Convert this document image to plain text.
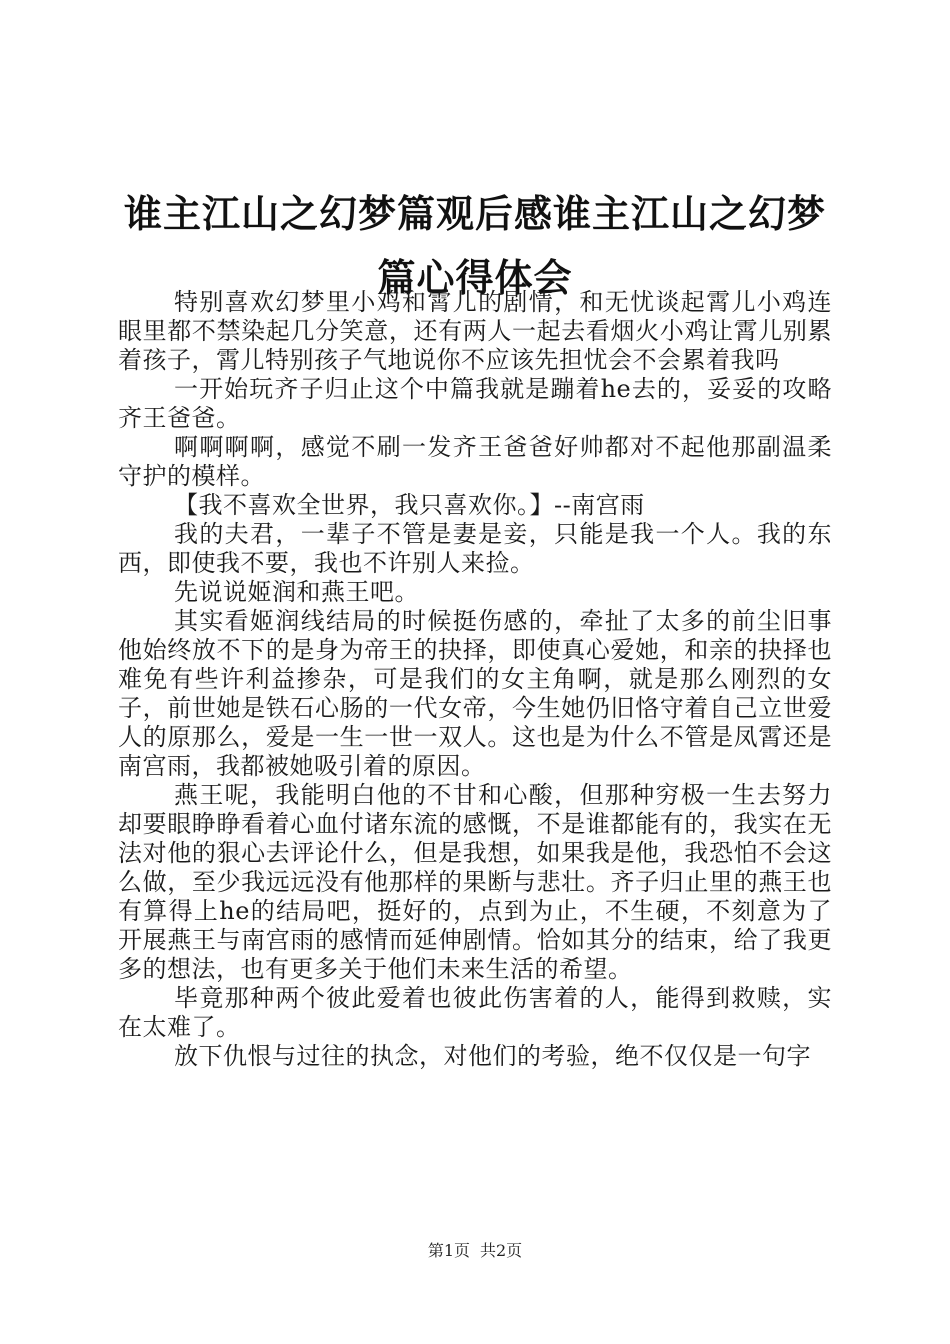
谁主江山之幻梦篇观后感谁主江山之幻梦篇心得体会

特别喜欢幻梦里小鸡和霄儿的剧情，和无忧谈起霄儿小鸡连眼里都不禁染起几分笑意，还有两人一起去看烟火小鸡让霄儿别累着孩子，霄儿特别孩子气地说你不应该先担忧会不会累着我吗

一开始玩齐子归止这个中篇我就是蹦着he去的，妥妥的攻略齐王爸爸。

啊啊啊啊，感觉不刷一发齐王爸爸好帅都对不起他那副温柔守护的模样。

【我不喜欢全世界，我只喜欢你。】--南宫雨

我的夫君，一辈子不管是妻是妾，只能是我一个人。我的东西，即使我不要，我也不许别人来捡。

先说说姬润和燕王吧。

其实看姬润线结局的时候挺伤感的，牵扯了太多的前尘旧事他始终放不下的是身为帝王的抉择，即使真心爱她，和亲的抉择也难免有些许利益掺杂，可是我们的女主角啊，就是那么刚烈的女子，前世她是铁石心肠的一代女帝，今生她仍旧恪守着自己立世爱人的原那么，爱是一生一世一双人。这也是为什么不管是凤霄还是南宫雨，我都被她吸引着的原因。

燕王呢，我能明白他的不甘和心酸，但那种穷极一生去努力却要眼睁睁看着心血付诸东流的感慨，不是谁都能有的，我实在无法对他的狠心去评论什么，但是我想，如果我是他，我恐怕不会这么做，至少我远远没有他那样的果断与悲壮。齐子归止里的燕王也有算得上he的结局吧，挺好的，点到为止，不生硬，不刻意为了开展燕王与南宫雨的感情而延伸剧情。恰如其分的结束，给了我更多的想法，也有更多关于他们未来生活的希望。

毕竟那种两个彼此爱着也彼此伤害着的人，能得到救赎，实在太难了。

放下仇恨与过往的执念，对他们的考验，绝不仅仅是一句字

第1页 共2页
